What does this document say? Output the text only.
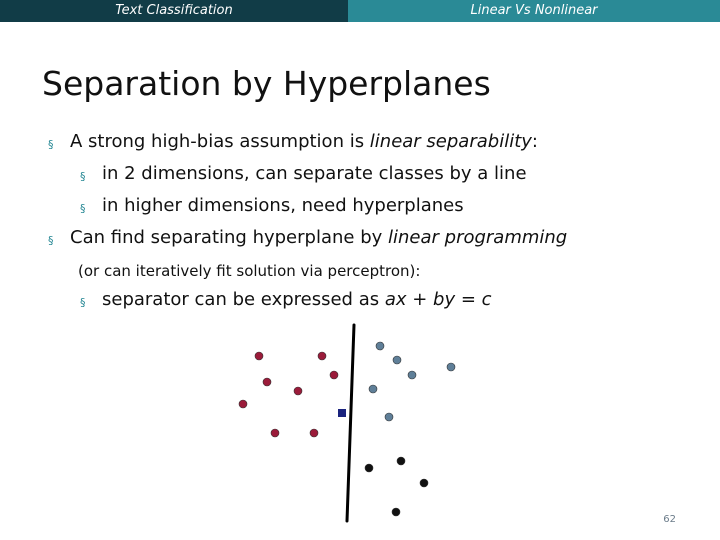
Text Classification	Linear Vs Nonlinear
Separation by Hyperplanes
§ A strong high-bias assumption is linear separability:
§ in 2 dimensions, can separate classes by a line
§ in higher dimensions, need hyperplanes
§ Can find separating hyperplane by linear programming
(or can iteratively fit solution via perceptron):
§ separator can be expressed as ax + by = c
62
